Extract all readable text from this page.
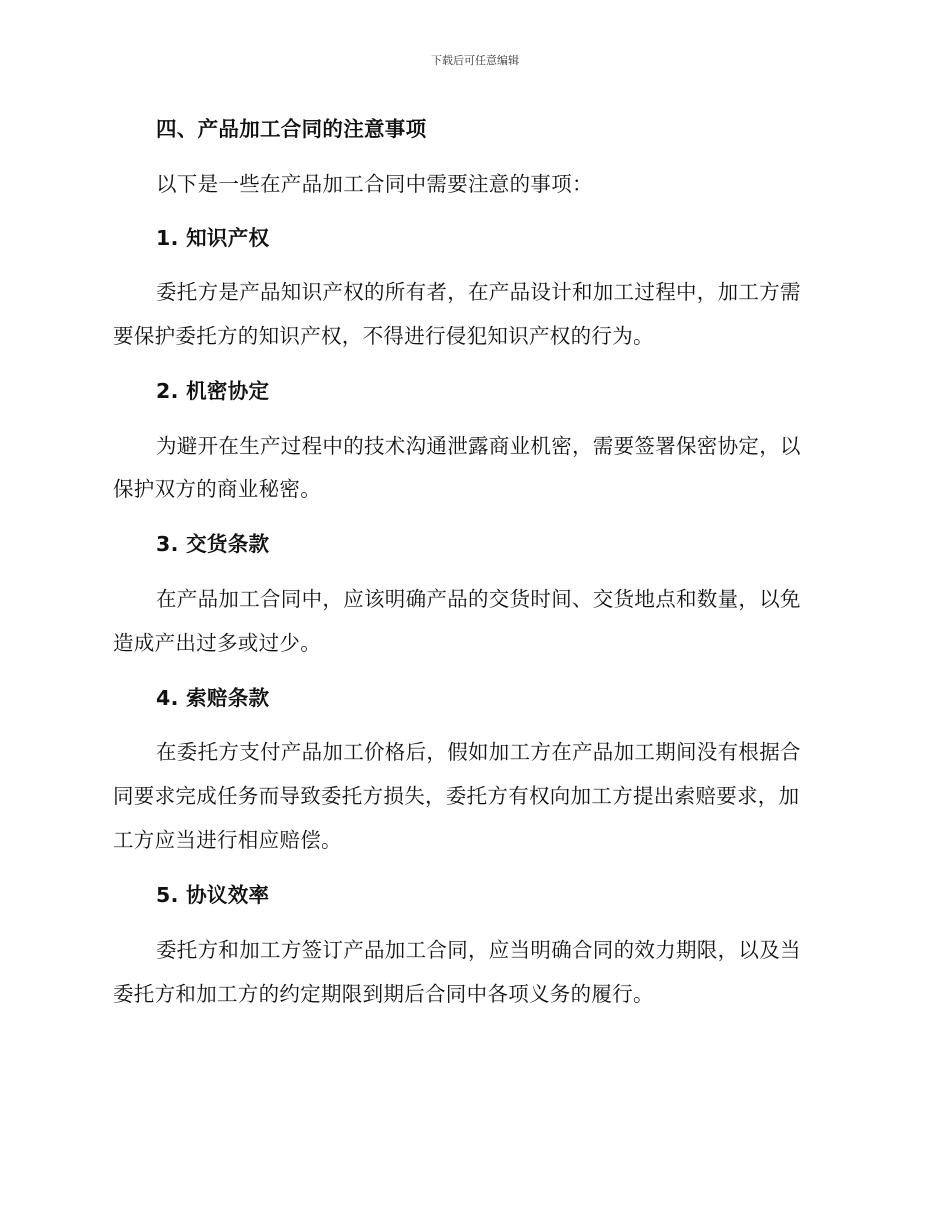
下载后可任意编辑
四、产品加工合同的注意事项
以下是一些在产品加工合同中需要注意的事项：
1. 知识产权
委托方是产品知识产权的所有者，在产品设计和加工过程中，加工方需
要保护委托方的知识产权，不得进行侵犯知识产权的行为。
2. 机密协定
为避开在生产过程中的技术沟通泄露商业机密，需要签署保密协定，以
保护双方的商业秘密。
3. 交货条款
在产品加工合同中，应该明确产品的交货时间、交货地点和数量，以免
造成产出过多或过少。
4. 索赔条款
在委托方支付产品加工价格后，假如加工方在产品加工期间没有根据合
同要求完成任务而导致委托方损失，委托方有权向加工方提出索赔要求，加
工方应当进行相应赔偿。
5. 协议效率
委托方和加工方签订产品加工合同，应当明确合同的效力期限，以及当
委托方和加工方的约定期限到期后合同中各项义务的履行。
